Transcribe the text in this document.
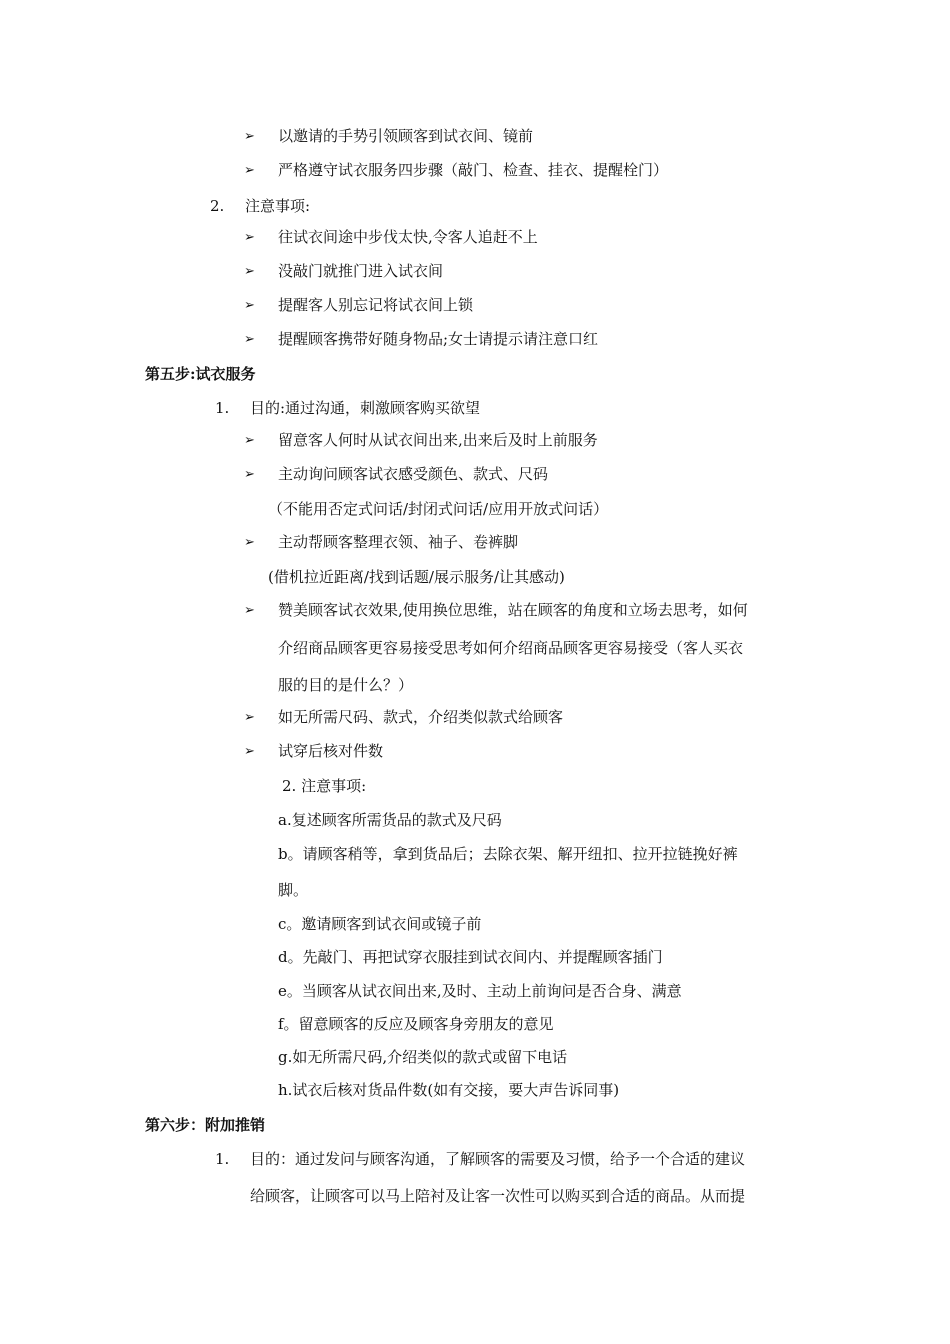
➢	以邀请的手势引领顾客到试衣间、镜前
➢	严格遵守试衣服务四步骤（敲门、检查、挂衣、提醒栓门）
2. 注意事项:
➢	往试衣间途中步伐太快,令客人追赶不上
➢	没敲门就推门进入试衣间
➢	提醒客人别忘记将试衣间上锁
➢	提醒顾客携带好随身物品;女士请提示请注意口红
第五步:试衣服务
1. 目的:通过沟通，刺激顾客购买欲望
➢	留意客人何时从试衣间出来,出来后及时上前服务
➢	主动询问顾客试衣感受颜色、款式、尺码
（不能用否定式问话/封闭式问话/应用开放式问话）
➢	主动帮顾客整理衣领、袖子、卷裤脚
(借机拉近距离/找到话题/展示服务/让其感动)
➢	赞美顾客试衣效果,使用换位思维，站在顾客的角度和立场去思考，如何
介绍商品顾客更容易接受思考如何介绍商品顾客更容易接受（客人买衣
服的目的是什么？）
➢	如无所需尺码、款式，介绍类似款式给顾客
➢	试穿后核对件数
2. 注意事项:
a.复述顾客所需货品的款式及尺码
b。请顾客稍等，拿到货品后；去除衣架、解开纽扣、拉开拉链挽好裤
脚。
c。邀请顾客到试衣间或镜子前
d。先敲门、再把试穿衣服挂到试衣间内、并提醒顾客插门
e。当顾客从试衣间出来,及时、主动上前询问是否合身、满意
f。留意顾客的反应及顾客身旁朋友的意见
g.如无所需尺码,介绍类似的款式或留下电话
h.试衣后核对货品件数(如有交接，要大声告诉同事)
第六步：附加推销
1. 目的：通过发问与顾客沟通，了解顾客的需要及习惯，给予一个合适的建议
给顾客，让顾客可以马上陪衬及让客一次性可以购买到合适的商品。从而提
